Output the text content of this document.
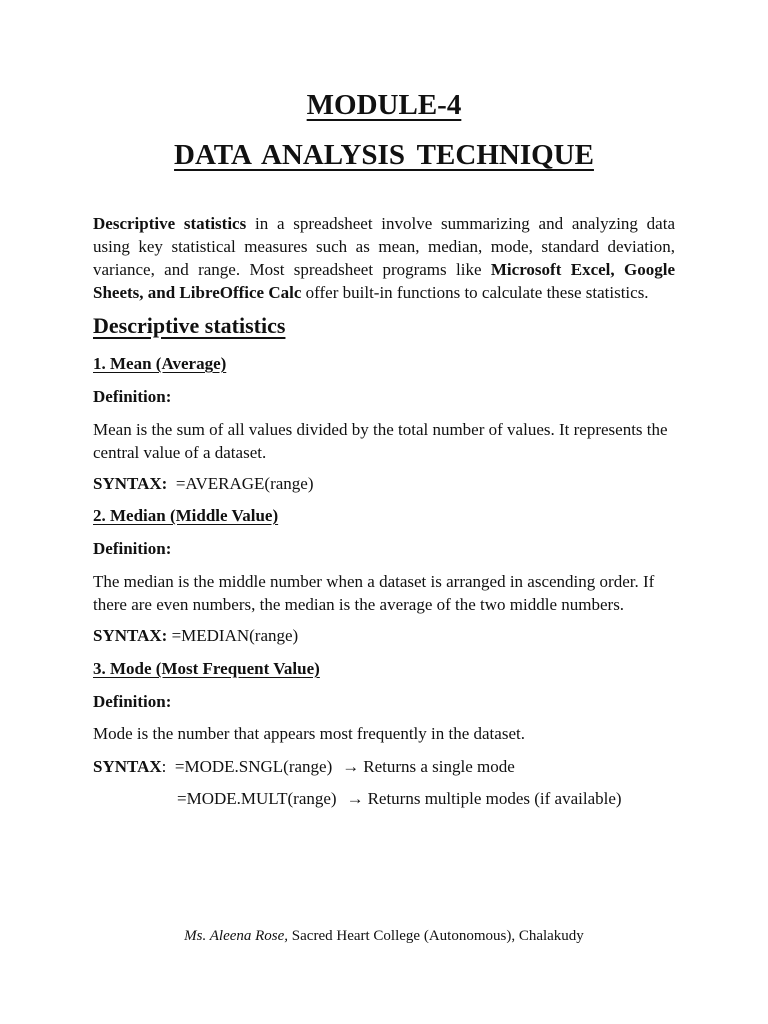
MODULE-4
DATA ANALYSIS TECHNIQUE

Descriptive statistics in a spreadsheet involve summarizing and analyzing data using key statistical measures such as mean, median, mode, standard deviation, variance, and range. Most spreadsheet programs like Microsoft Excel, Google Sheets, and LibreOffice Calc offer built-in functions to calculate these statistics.

Descriptive statistics

1. Mean (Average)

Definition:

Mean is the sum of all values divided by the total number of values. It represents the central value of a dataset.

SYNTAX: =AVERAGE(range)

2. Median (Middle Value)

Definition:

The median is the middle number when a dataset is arranged in ascending order. If there are even numbers, the median is the average of the two middle numbers.

SYNTAX: =MEDIAN(range)

3. Mode (Most Frequent Value)

Definition:

Mode is the number that appears most frequently in the dataset.

SYNTAX: =MODE.SNGL(range) → Returns a single mode

=MODE.MULT(range) → Returns multiple modes (if available)

Ms. Aleena Rose, Sacred Heart College (Autonomous), Chalakudy
